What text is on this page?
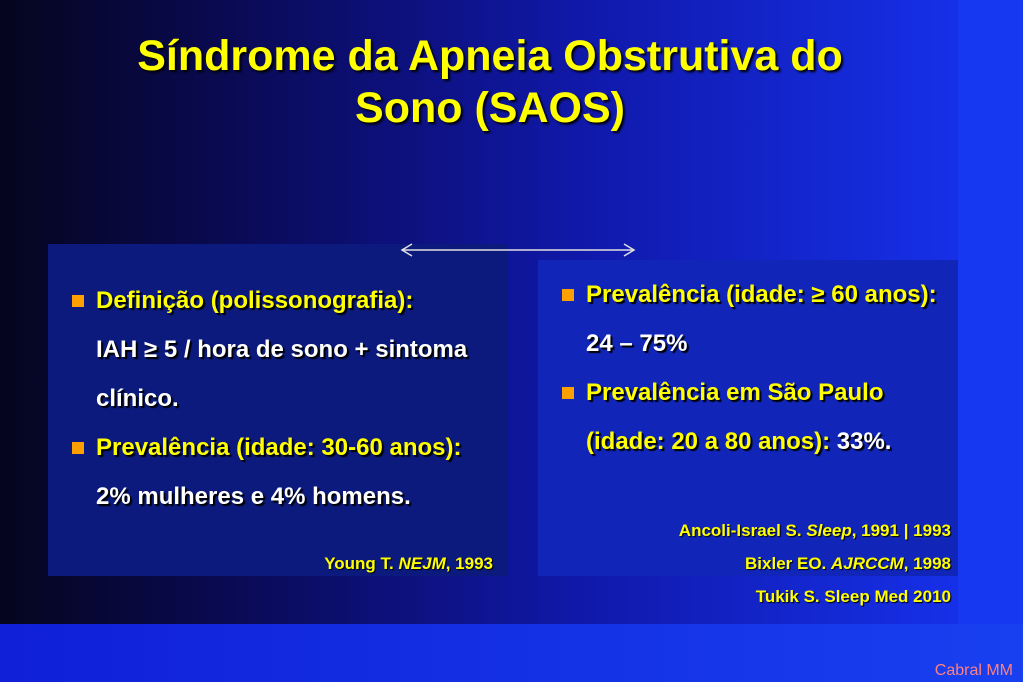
Síndrome da Apneia Obstrutiva do
Sono (SAOS)
Definição (polissonografia):
IAH ≥ 5 / hora de sono + sintoma
clínico.
Prevalência (idade: 30-60 anos):
2% mulheres e 4% homens.
Young T. NEJM, 1993
Prevalência (idade: ≥ 60 anos):
24 – 75%
Prevalência em São Paulo
(idade: 20 a 80 anos): 33%.
Ancoli-Israel S. Sleep, 1991 | 1993
Bixler EO. AJRCCM, 1998
Tukik S. Sleep Med 2010
Cabral MM
